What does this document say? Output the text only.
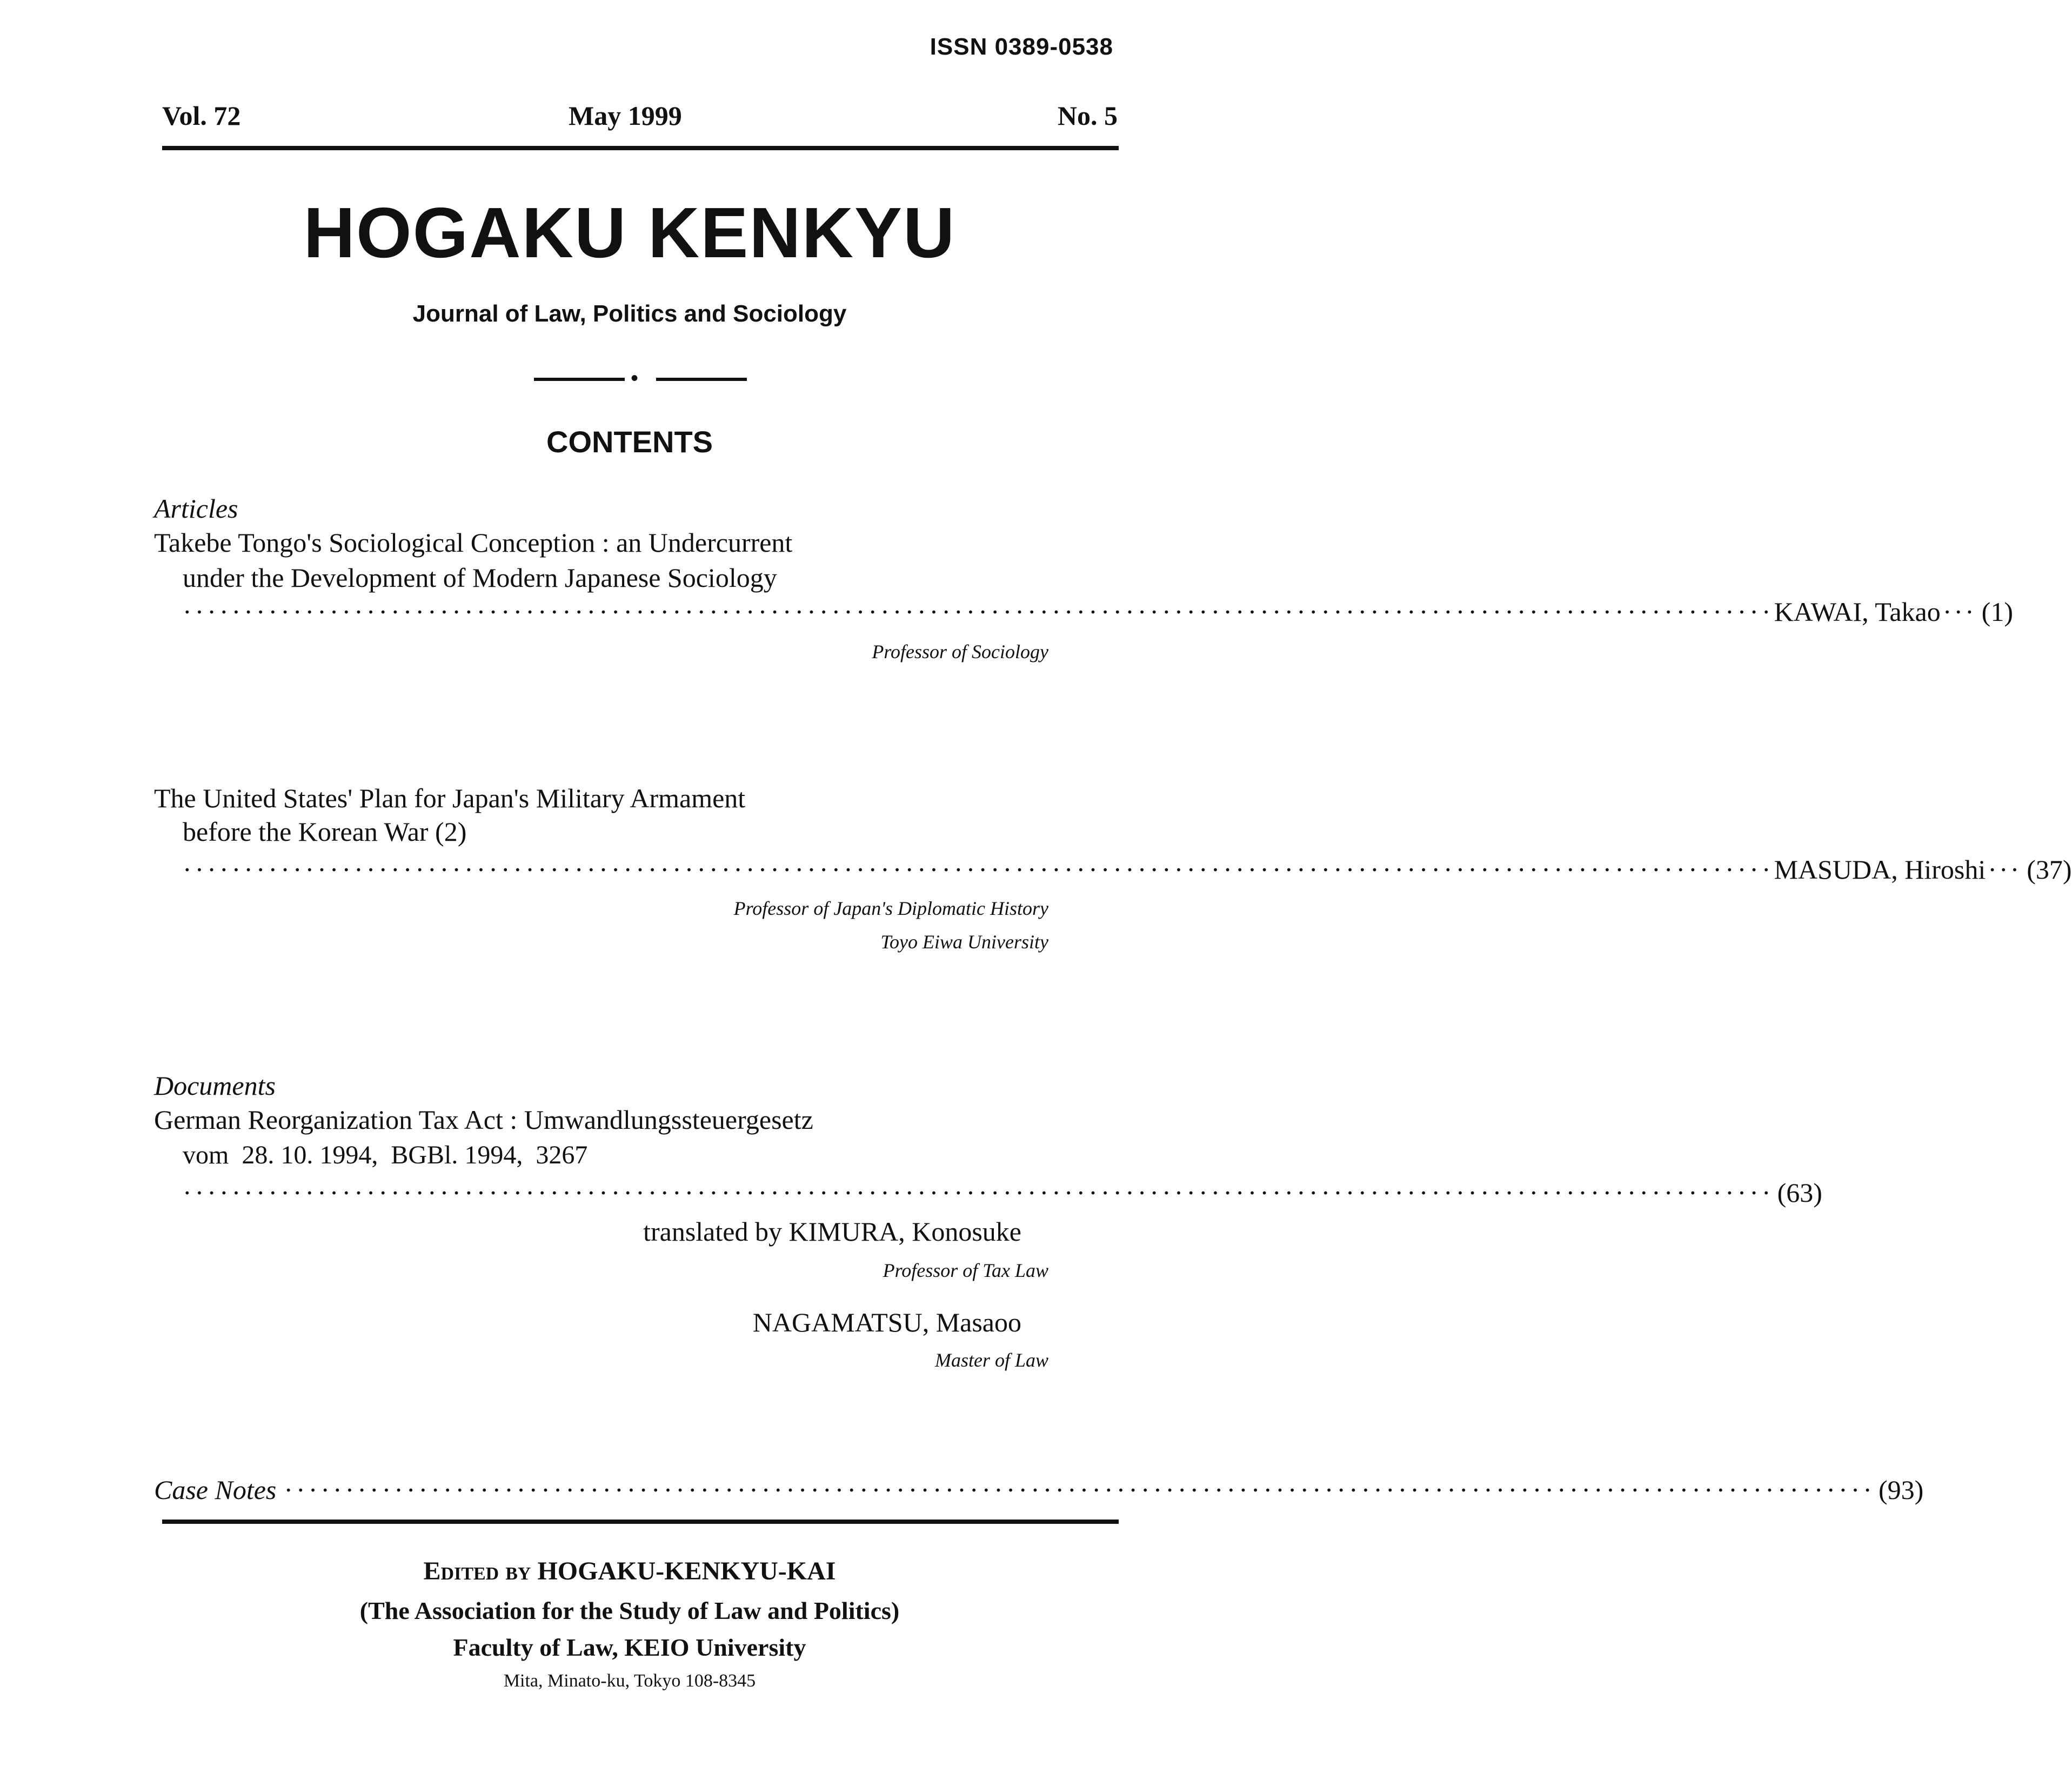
ISSN 0389-0538
Vol. 72	May 1999	No. 5
HOGAKU KENKYU
Journal of Law, Politics and Sociology
•
CONTENTS
Articles
Takebe Tongo's Sociological Conception : an Undercurrent
under the Development of Modern Japanese Sociology
·································································································································· KAWAI, Takao ··· ( 1 )
Professor of Sociology
The United States' Plan for Japan's Military Armament
before the Korean War (2)
·································································································································· MASUDA, Hiroshi ··· ( 37 )
Professor of Japan's Diplomatic History
Toyo Eiwa University
Documents
German Reorganization Tax Act : Umwandlungssteuergesetz
vom  28. 10. 1994,  BGBl. 1994,  3267
·································································································································· ( 63 )
translated by KIMURA, Konosuke
Professor of Tax Law
NAGAMATSU, Masaoo
Master of Law
Case Notes ·································································································································· ( 93 )
Edited by HOGAKU-KENKYU-KAI
(The Association for the Study of Law and Politics)
Faculty of Law, KEIO University
Mita, Minato-ku, Tokyo 108-8345
